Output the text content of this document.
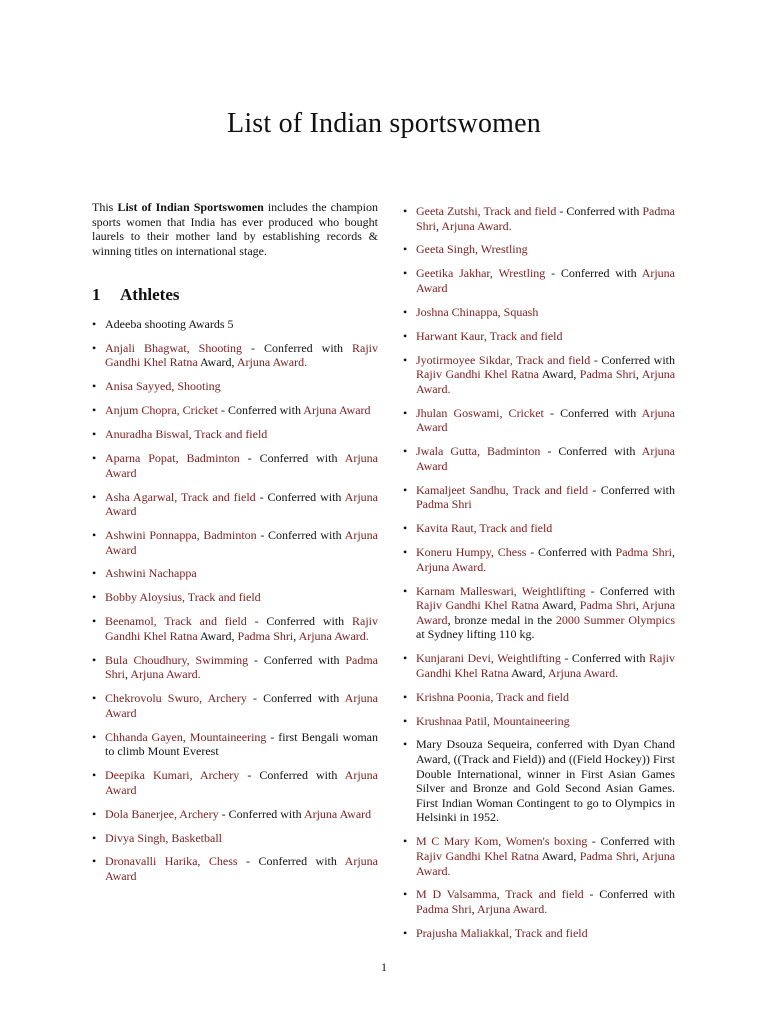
List of Indian sportswomen

This List of Indian Sportswomen includes the champion sports women that India has ever produced who bought laurels to their mother land by establishing records & winning titles on international stage.

1	Athletes
• Adeeba shooting Awards 5
• Anjali Bhagwat, Shooting - Conferred with Rajiv Gandhi Khel Ratna Award, Arjuna Award.
• Anisa Sayyed, Shooting
• Anjum Chopra, Cricket - Conferred with Arjuna Award
• Anuradha Biswal, Track and field
• Aparna Popat, Badminton - Conferred with Arjuna Award
• Asha Agarwal, Track and field - Conferred with Arjuna Award
• Ashwini Ponnappa, Badminton - Conferred with Arjuna Award
• Ashwini Nachappa
• Bobby Aloysius, Track and field
• Beenamol, Track and field - Conferred with Rajiv Gandhi Khel Ratna Award, Padma Shri, Arjuna Award.
• Bula Choudhury, Swimming - Conferred with Padma Shri, Arjuna Award.
• Chekrovolu Swuro, Archery - Conferred with Arjuna Award
• Chhanda Gayen, Mountaineering - first Bengali woman to climb Mount Everest
• Deepika Kumari, Archery - Conferred with Arjuna Award
• Dola Banerjee, Archery - Conferred with Arjuna Award
• Divya Singh, Basketball
• Dronavalli Harika, Chess - Conferred with Arjuna Award
• Geeta Zutshi, Track and field - Conferred with Padma Shri, Arjuna Award.
• Geeta Singh, Wrestling
• Geetika Jakhar, Wrestling - Conferred with Arjuna Award
• Joshna Chinappa, Squash
• Harwant Kaur, Track and field
• Jyotirmoyee Sikdar, Track and field - Conferred with Rajiv Gandhi Khel Ratna Award, Padma Shri, Arjuna Award.
• Jhulan Goswami, Cricket - Conferred with Arjuna Award
• Jwala Gutta, Badminton - Conferred with Arjuna Award
• Kamaljeet Sandhu, Track and field - Conferred with Padma Shri
• Kavita Raut, Track and field
• Koneru Humpy, Chess - Conferred with Padma Shri, Arjuna Award.
• Karnam Malleswari, Weightlifting - Conferred with Rajiv Gandhi Khel Ratna Award, Padma Shri, Arjuna Award, bronze medal in the 2000 Summer Olympics at Sydney lifting 110 kg.
• Kunjarani Devi, Weightlifting - Conferred with Rajiv Gandhi Khel Ratna Award, Arjuna Award.
• Krishna Poonia, Track and field
• Krushnaa Patil, Mountaineering
• Mary Dsouza Sequeira, conferred with Dyan Chand Award, ((Track and Field)) and ((Field Hockey)) First Double International, winner in First Asian Games Silver and Bronze and Gold Second Asian Games. First Indian Woman Contingent to go to Olympics in Helsinki in 1952.
• M C Mary Kom, Women's boxing - Conferred with Rajiv Gandhi Khel Ratna Award, Padma Shri, Arjuna Award.
• M D Valsamma, Track and field - Conferred with Padma Shri, Arjuna Award.
• Prajusha Maliakkal, Track and field
1
